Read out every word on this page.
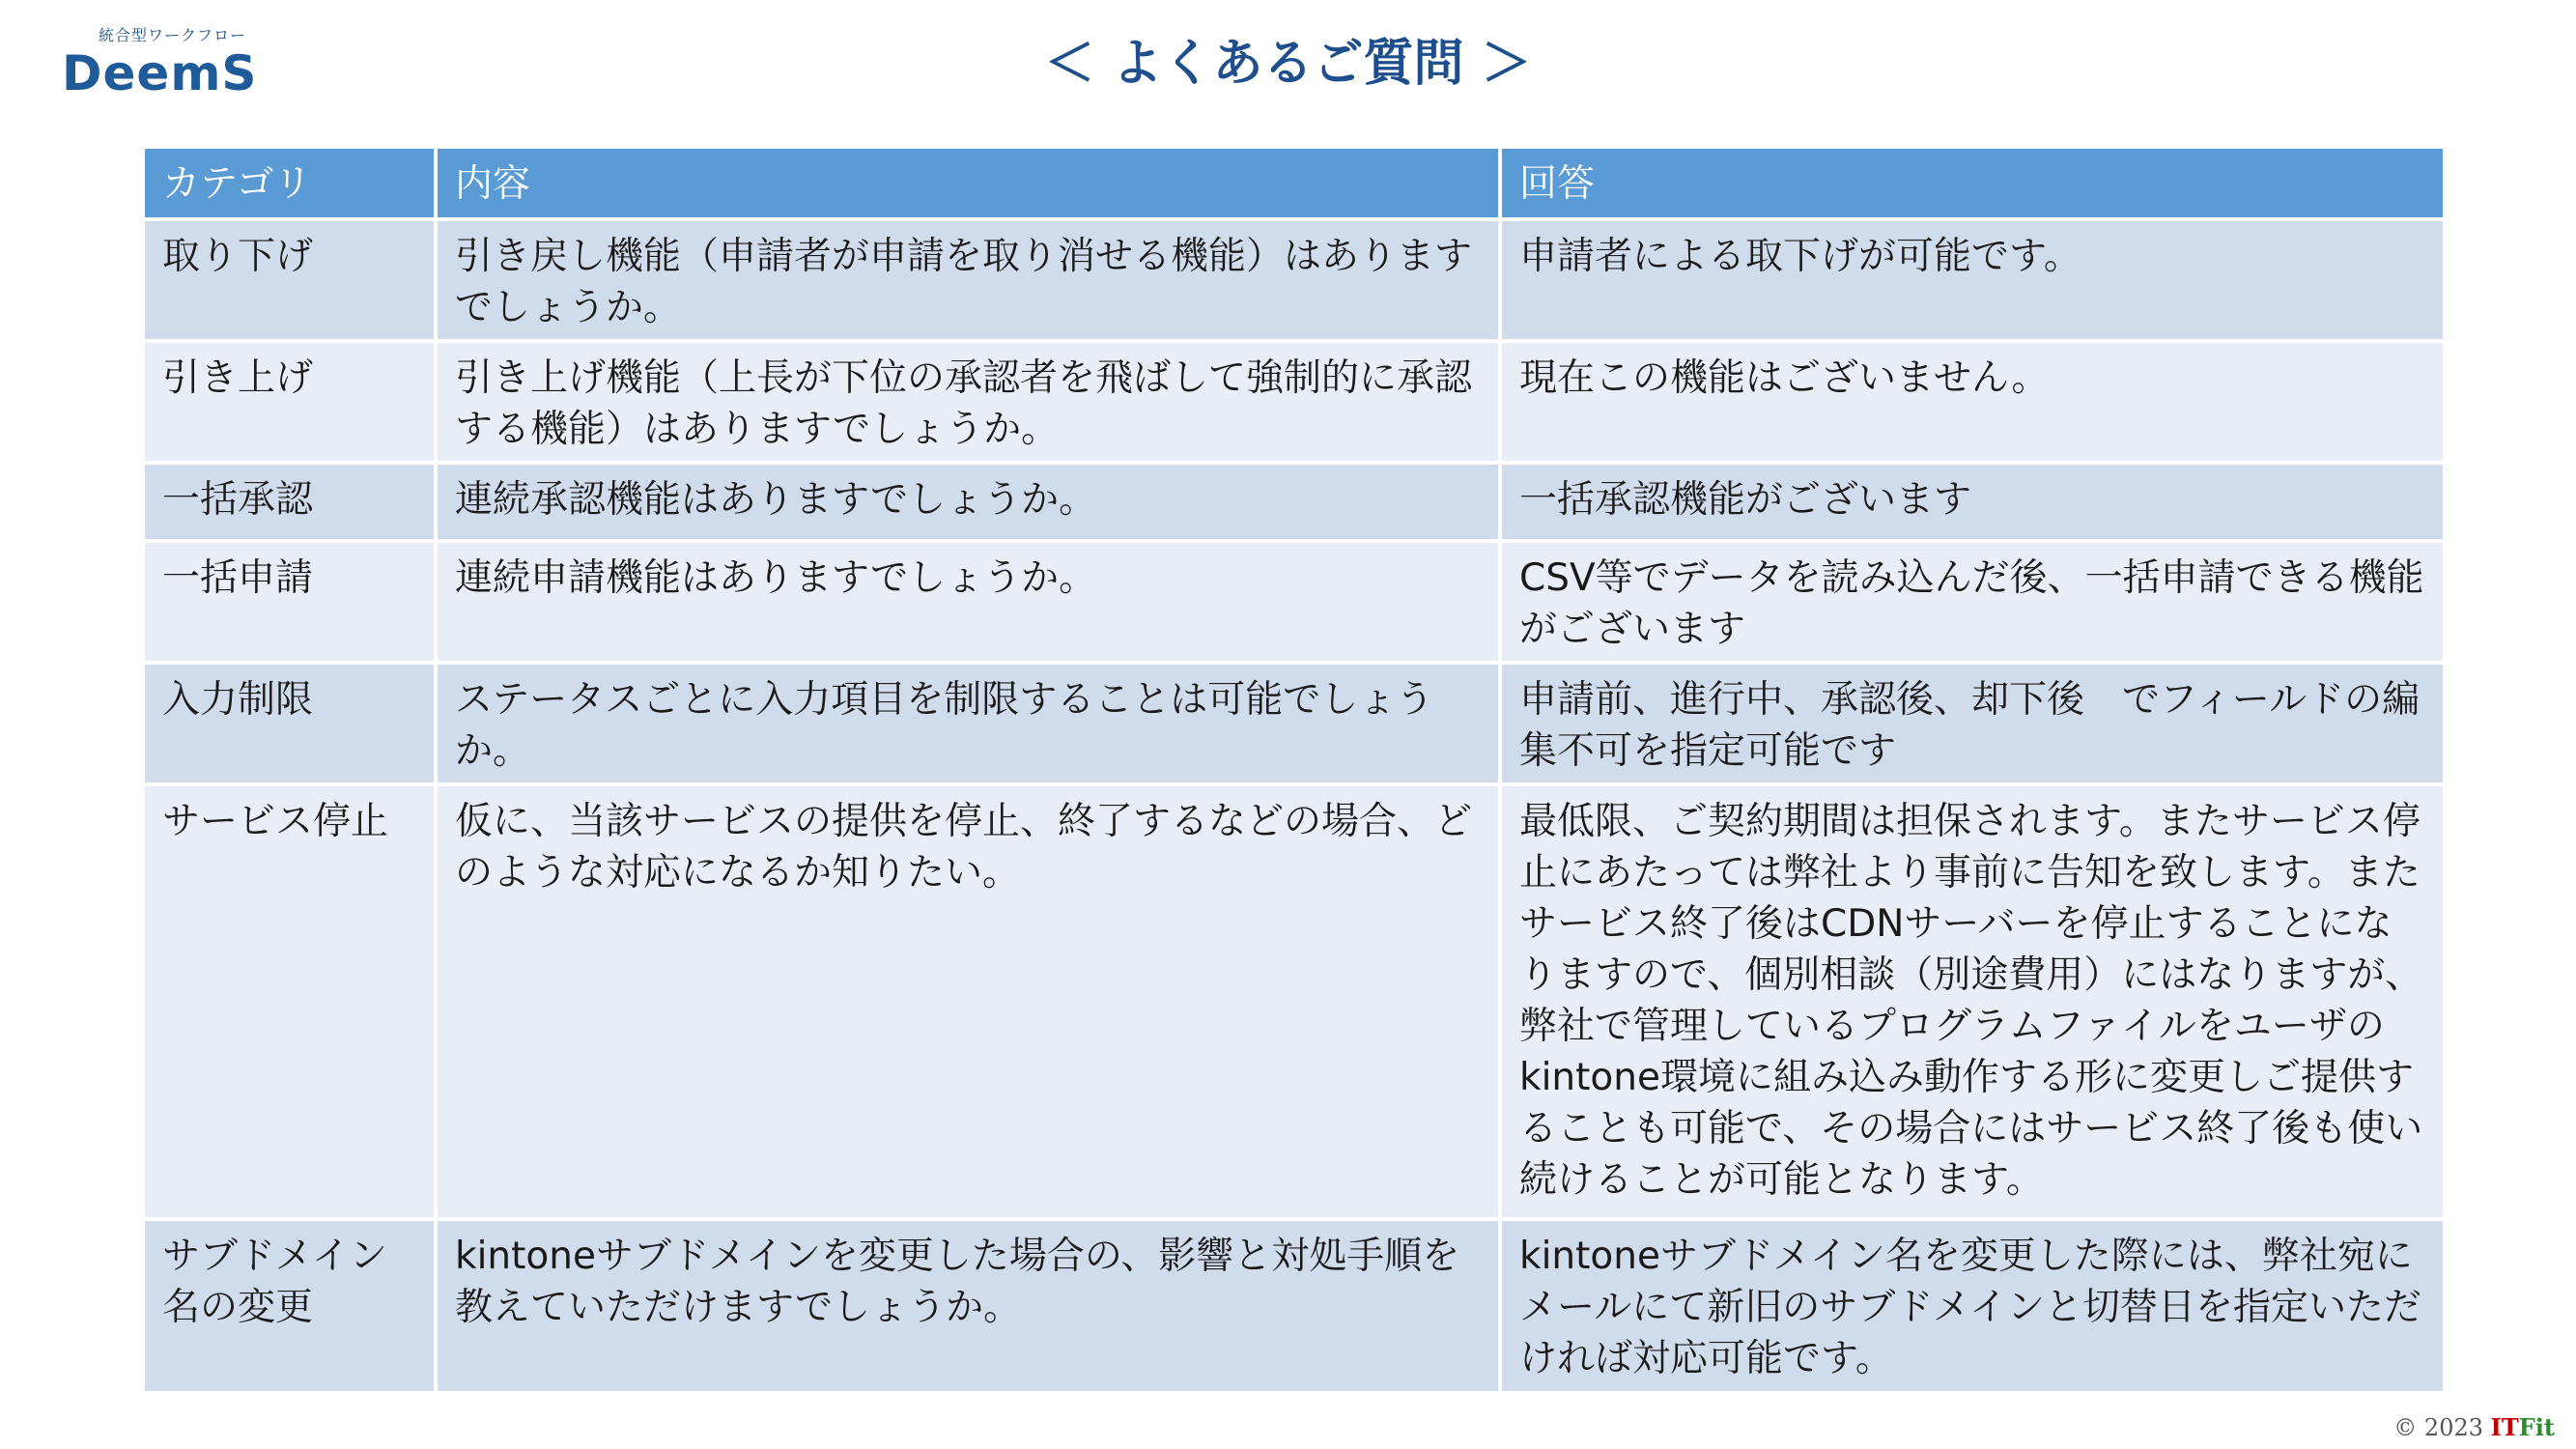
統合型ワークフロー
DeemS	＜ よくあるご質問 ＞
カテゴリ	内容	回答
取り下げ	引き戻し機能（申請者が申請を取り消せる機能）はありますでしょうか。	申請者による取下げが可能です。
引き上げ	引き上げ機能（上長が下位の承認者を飛ばして強制的に承認する機能）はありますでしょうか。	現在この機能はございません。
一括承認	連続承認機能はありますでしょうか。	一括承認機能がございます
一括申請	連続申請機能はありますでしょうか。	CSV等でデータを読み込んだ後、一括申請できる機能がございます
入力制限	ステータスごとに入力項目を制限することは可能でしょうか。	申請前、進行中、承認後、却下後　でフィールドの編集不可を指定可能です
サービス停止	仮に、当該サービスの提供を停止、終了するなどの場合、どのような対応になるか知りたい。	最低限、ご契約期間は担保されます。またサービス停止にあたっては弊社より事前に告知を致します。またサービス終了後はCDNサーバーを停止することになりますので、個別相談（別途費用）にはなりますが、弊社で管理しているプログラムファイルをユーザのkintone環境に組み込み動作する形に変更しご提供することも可能で、その場合にはサービス終了後も使い続けることが可能となります。
サブドメイン名の変更	kintoneサブドメインを変更した場合の、影響と対処手順を教えていただけますでしょうか。	kintoneサブドメイン名を変更した際には、弊社宛にメールにて新旧のサブドメインと切替日を指定いただければ対応可能です。
© 2023 ITFit
